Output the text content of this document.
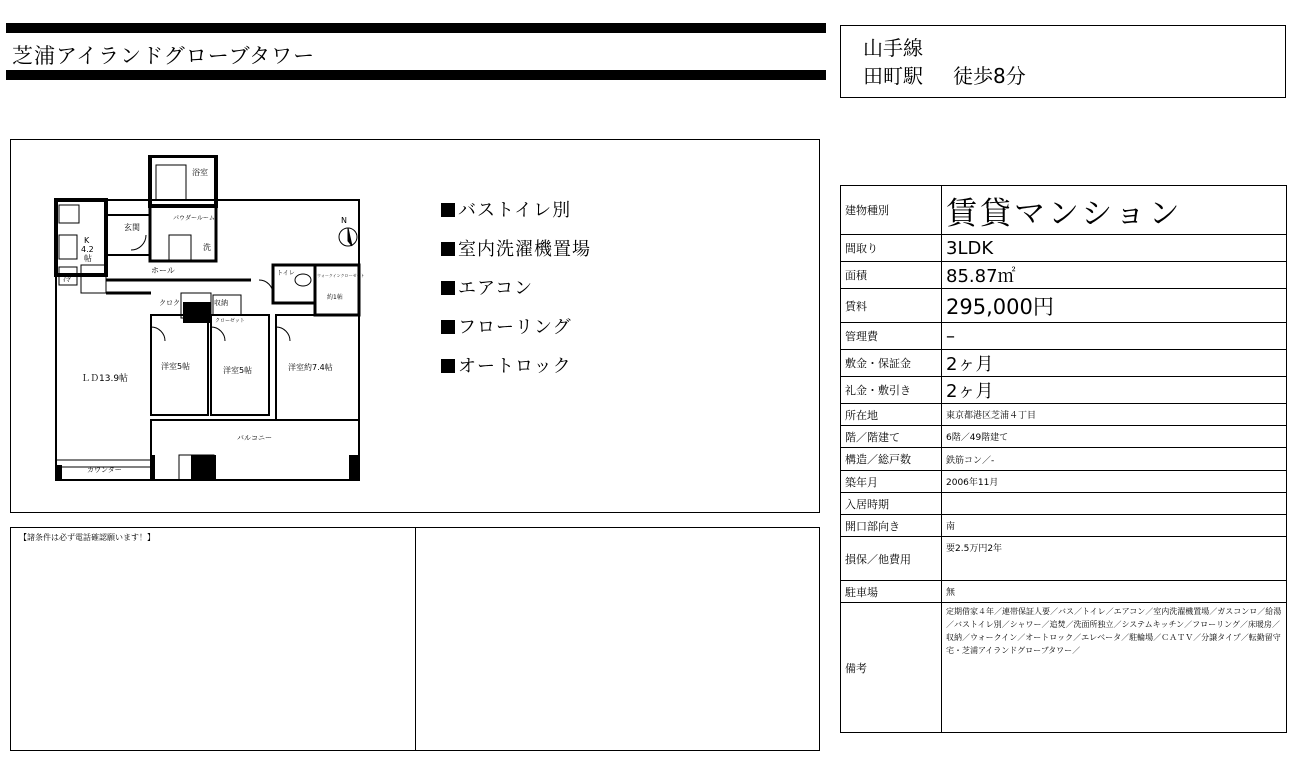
芝浦アイランドグローブタワー	山手線
田町駅 徒歩8分
N
K
4.2
帖
冷
玄関
浴室
パウダールーム
洗
ホール	トイレ	ウォークインクローゼット
約1帖
クロク	収納
クローゼット
ＬＤ13.9帖
洋室5帖	洋室5帖	洋室約7.4帖
バルコニー
カウンター
バストイレ別
室内洗濯機置場
エアコン
フローリング
オートロック
【諸条件は必ず電話確認願います！】
建物種別	賃貸マンション
間取り	3LDK
面積	85.87㎡
賃料	295,000円
管理費	–
敷金・保証金	2ヶ月
礼金・敷引き	2ヶ月
所在地	東京都港区芝浦４丁目
階／階建て	6階／49階建て
構造／総戸数	鉄筋コン／-
築年月	2006年11月
入居時期	
開口部向き	南
損保／他費用	要2.5万円2年
駐車場	無
備考	定期借家４年／連帯保証人要／バス／トイレ／エアコン／室内洗濯機置場／ガスコンロ／給湯／バストイレ別／シャワー／追焚／洗面所独立／システムキッチン／フローリング／床暖房／収納／ウォークイン／オートロック／エレベータ／駐輪場／ＣＡＴＶ／分譲タイプ／転勤留守宅・芝浦アイランドグローブタワー／
